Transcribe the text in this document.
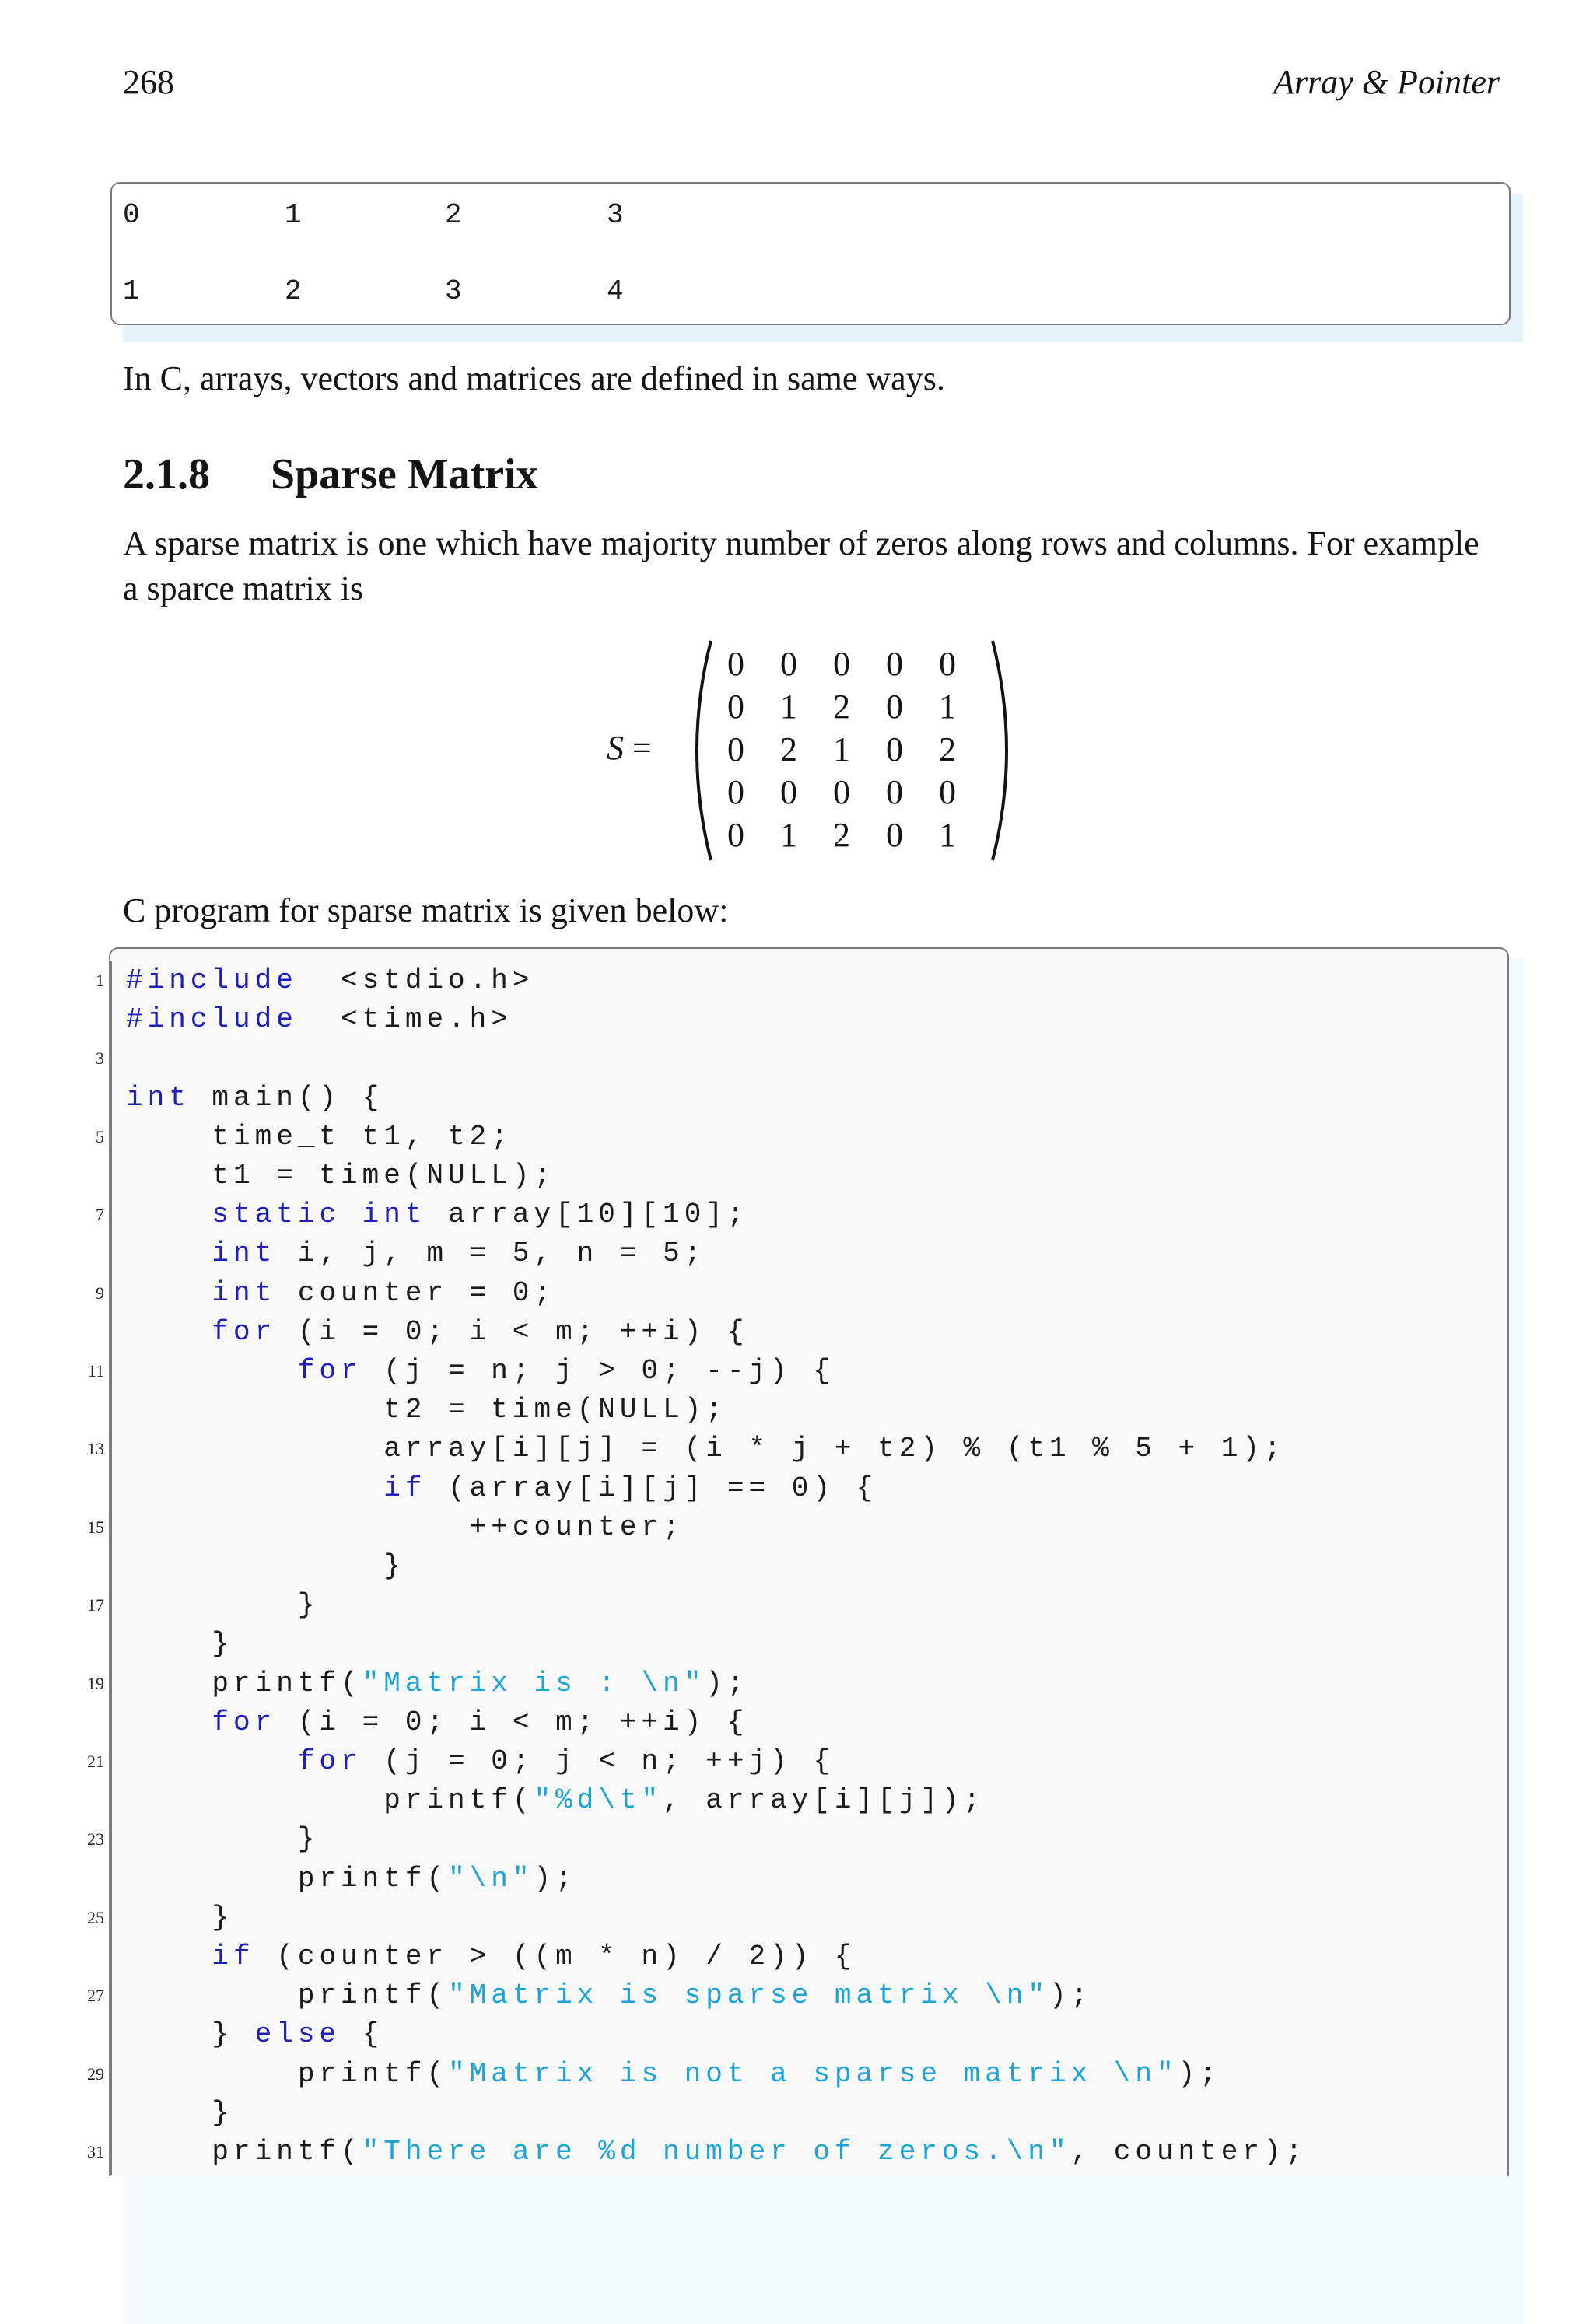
268	Array & Pointer
0	1	2	3
1	2	3	4

In C, arrays, vectors and matrices are defined in same ways.

2.1.8 Sparse Matrix

A sparse matrix is one which have majority number of zeros along rows and columns. For example a sparce matrix is

S =
0 0 0 0 0
0 1 2 0 1
0 2 1 0 2
0 0 0 0 0
0 1 2 0 1

C program for sparse matrix is given below:

#include  <stdio.h>
#include  <time.h>
int main() {
time_t t1, t2;
t1 = time(NULL);
static int array[10][10];
int i, j, m = 5, n = 5;
int counter = 0;
for (i = 0; i < m; ++i) {
for (j = n; j > 0; --j) {
t2 = time(NULL);
array[i][j] = (i * j + t2) % (t1 % 5 + 1);
if (array[i][j] == 0) {
++counter;
}
}
}
printf("Matrix is : \n");
for (i = 0; i < m; ++i) {
for (j = 0; j < n; ++j) {
printf("%d\t", array[i][j]);
}
printf("\n");
}
if (counter > ((m * n) / 2)) {
printf("Matrix is sparse matrix \n");
} else {
printf("Matrix is not a sparse matrix \n");
}
printf("There are %d number of zeros.\n", counter);
1
3
5
7
9
11
13
15
17
19
21
23
25
27
29
31
